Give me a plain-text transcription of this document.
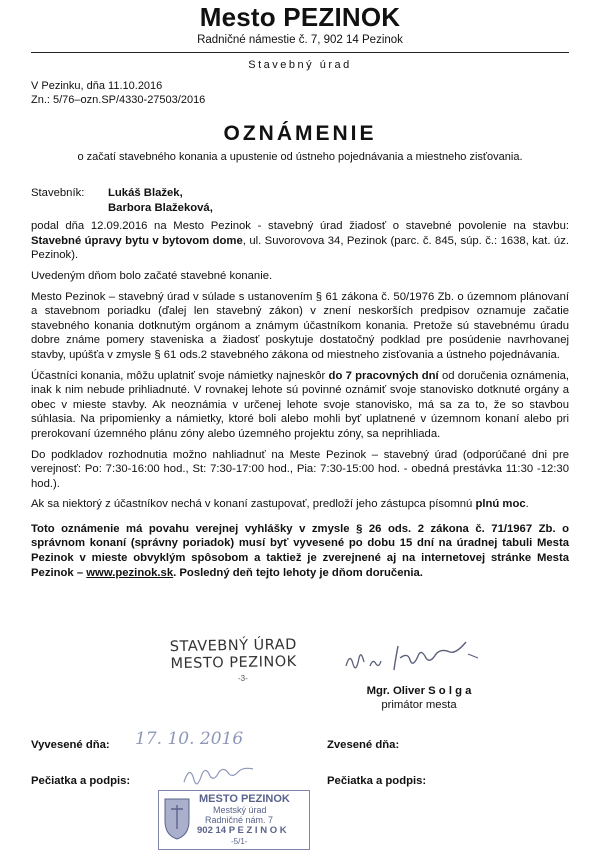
Mesto PEZINOK
Radničné námestie č. 7, 902 14 Pezinok
Stavebný úrad
V Pezinku, dňa 11.10.2016
Zn.: 5/76–ozn.SP/4330-27503/2016
OZNÁMENIE
o začatí stavebného konania a upustenie od ústneho pojednávania a miestneho zisťovania.
Stavebník:	Lukáš Blažek,
Barbora Blažeková,

podal dňa 12.09.2016 na Mesto Pezinok - stavebný úrad žiadosť o stavebné povolenie na stavbu: Stavebné úpravy bytu v bytovom dome, ul. Suvorovova 34, Pezinok (parc. č. 845, súp. č.: 1638, kat. úz. Pezinok).

Uvedeným dňom bolo začaté stavebné konanie.

Mesto Pezinok – stavebný úrad v súlade s ustanovením § 61 zákona č. 50/1976 Zb. o územnom plánovaní a stavebnom poriadku (ďalej len stavebný zákon) v znení neskorších predpisov oznamuje začatie stavebného konania dotknutým orgánom a známym účastníkom konania. Pretože sú stavebnému úradu dobre známe pomery staveniska a žiadosť poskytuje dostatočný podklad pre posúdenie navrhovanej stavby, upúšťa v zmysle § 61 ods.2 stavebného zákona od miestneho zisťovania a ústneho pojednávania.

Účastníci konania, môžu uplatniť svoje námietky najneskôr do 7 pracovných dní od doručenia oznámenia, inak k nim nebude prihliadnuté. V rovnakej lehote sú povinné oznámiť svoje stanovisko dotknuté orgány a obec v mieste stavby. Ak neoznámia v určenej lehote svoje stanovisko, má sa za to, že so stavbou súhlasia. Na pripomienky a námietky, ktoré boli alebo mohli byť uplatnené v územnom konaní alebo pri prerokovaní územného plánu zóny alebo územného projektu zóny, sa neprihliada.

Do podkladov rozhodnutia možno nahliadnuť na Meste Pezinok – stavebný úrad (odporúčané dni pre verejnosť: Po: 7:30-16:00 hod., St: 7:30-17:00 hod., Pia: 7:30-15:00 hod. - obedná prestávka 11:30 -12:30 hod.).

Ak sa niektorý z účastníkov nechá v konaní zastupovať, predloží jeho zástupca písomnú plnú moc.

Toto oznámenie má povahu verejnej vyhlášky v zmysle § 26 ods. 2 zákona č. 71/1967 Zb. o správnom konaní (správny poriadok) musí byť vyvesené po dobu 15 dní na úradnej tabuli Mesta Pezinok v mieste obvyklým spôsobom a taktiež je zverejnené aj na internetovej stránke Mesta Pezinok – www.pezinok.sk. Posledný deň tejto lehoty je dňom doručenia.

STAVEBNÝ ÚRAD
MESTO PEZINOK
-3-
Mgr. Oliver S o l g a
primátor mesta
Vyvesené dňa: 17. 10. 2016	Zvesené dňa:
Pečiatka a podpis:	Pečiatka a podpis:
MESTO PEZINOK
Mestský úrad
Radničné nám. 7
902 14 P E Z I N O K
-5/1-
